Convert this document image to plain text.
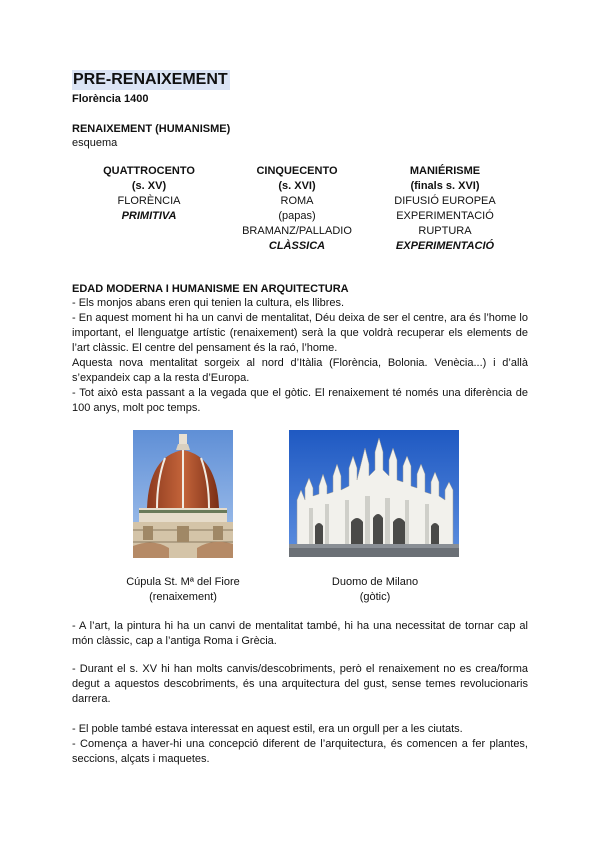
PRE-RENAIXEMENT
Florència 1400
RENAIXEMENT (HUMANISME)
esquema
QUATTROCENTO
(s. XV)
FLORÈNCIA
PRIMITIVA
CINQUECENTO
(s. XVI)
ROMA
(papas)
BRAMANZ/PALLADIO
CLÀSSICA
MANIÉRISME
(finals s. XVI)
DIFUSIÓ EUROPEA
EXPERIMENTACIÓ
RUPTURA
EXPERIMENTACIÓ
EDAD MODERNA I HUMANISME EN ARQUITECTURA

- Els monjos abans eren qui tenien la cultura, els llibres.

- En aquest moment hi ha un canvi de mentalitat, Déu deixa de ser el centre, ara és l’home lo important, el llenguatge artístic (renaixement) serà la que voldrà recuperar els elements de l’art clàssic. El centre del pensament és la raó, l’home.

Aquesta nova mentalitat sorgeix al nord d’Itàlia (Florència, Bolonia. Venècia...) i d’allà s’expandeix cap a la resta d’Europa.

- Tot això esta passant a la vegada que el gòtic. El renaixement té només una diferència de 100 anys, molt poc temps.

Cúpula St. Mª del Fiore
(renaixement)
Duomo de Milano
(gòtic)
- A l’art, la pintura hi ha un canvi de mentalitat també, hi ha una necessitat de tornar cap al món clàssic, cap a l’antiga Roma i Grècia.
- Durant el s. XV hi han molts canvis/descobriments, però el renaixement no es crea/forma degut a aquestos descobriments, és una arquitectura del gust, sense temes revolucionaris darrera.
- El poble també estava interessat en aquest estil, era un orgull per a les ciutats.
- Comença a haver-hi una concepció diferent de l’arquitectura, és comencen a fer plantes, seccions, alçats i maquetes.
